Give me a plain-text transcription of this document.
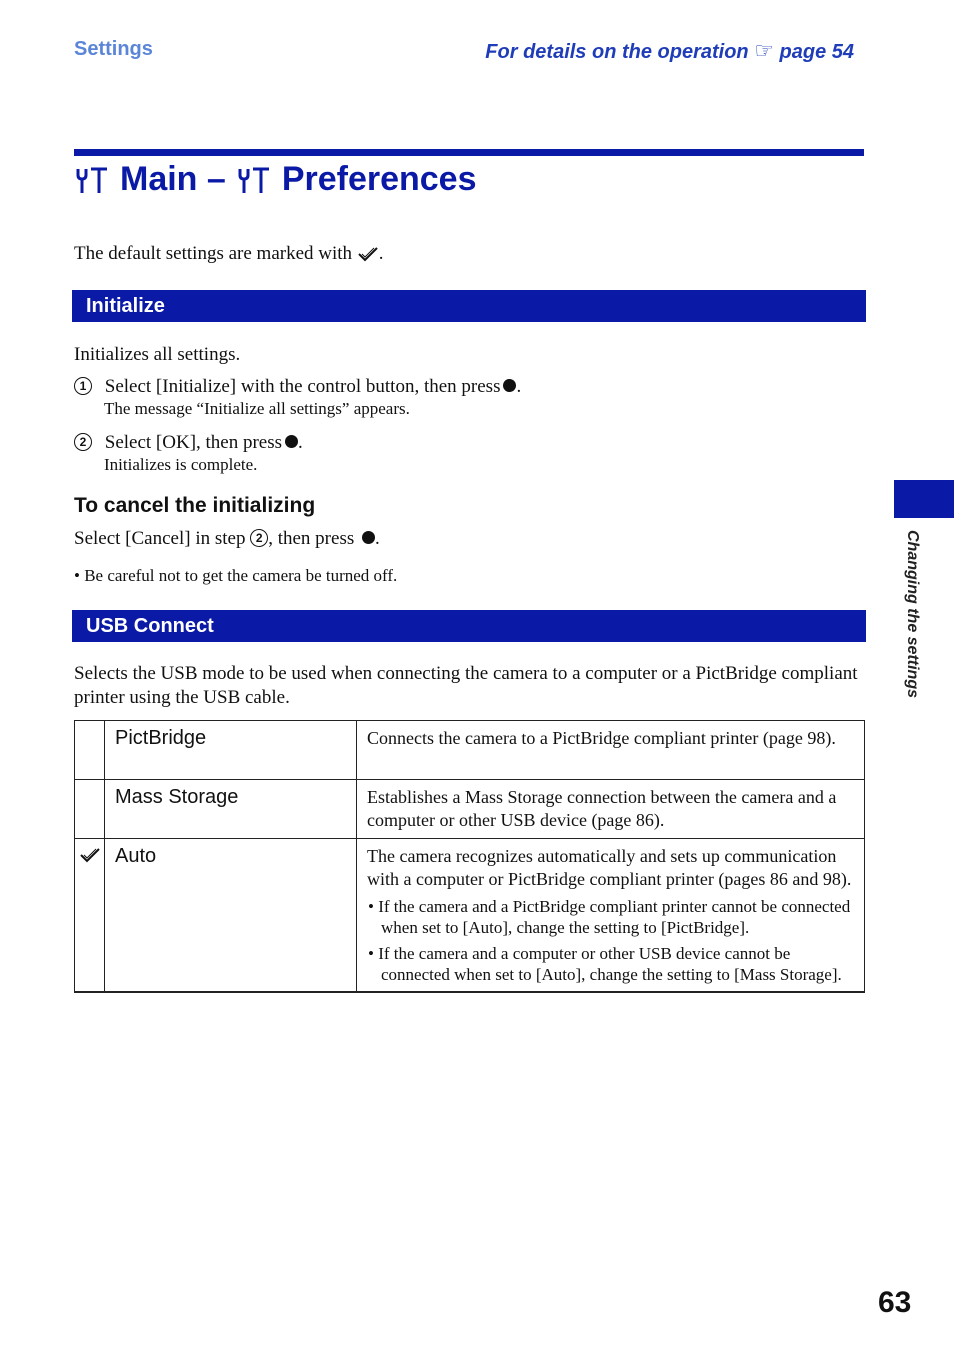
Settings	For details on the operation ☞ page 54
Main – Preferences
The default settings are marked with .
Initialize
Initializes all settings.
1 Select [Initialize] with the control button, then press .
The message “Initialize all settings” appears.
2 Select [OK], then press .
Initializes is complete.
To cancel the initializing
Select [Cancel] in step 2 , then press .
• Be careful not to get the camera be turned off.
USB Connect
Selects the USB mode to be used when connecting the camera to a computer or a PictBridge compliant printer using the USB cable.
	PictBridge	Connects the camera to a PictBridge compliant printer (page 98).
	Mass Storage	Establishes a Mass Storage connection between the camera and a computer or other USB device (page 86).
	Auto	The camera recognizes automatically and sets up communication with a computer or PictBridge compliant printer (pages 86 and 98).
• If the camera and a PictBridge compliant printer cannot be connected when set to [Auto], change the setting to [PictBridge].
• If the camera and a computer or other USB device cannot be connected when set to [Auto], change the setting to [Mass Storage].
Changing the settings
63
